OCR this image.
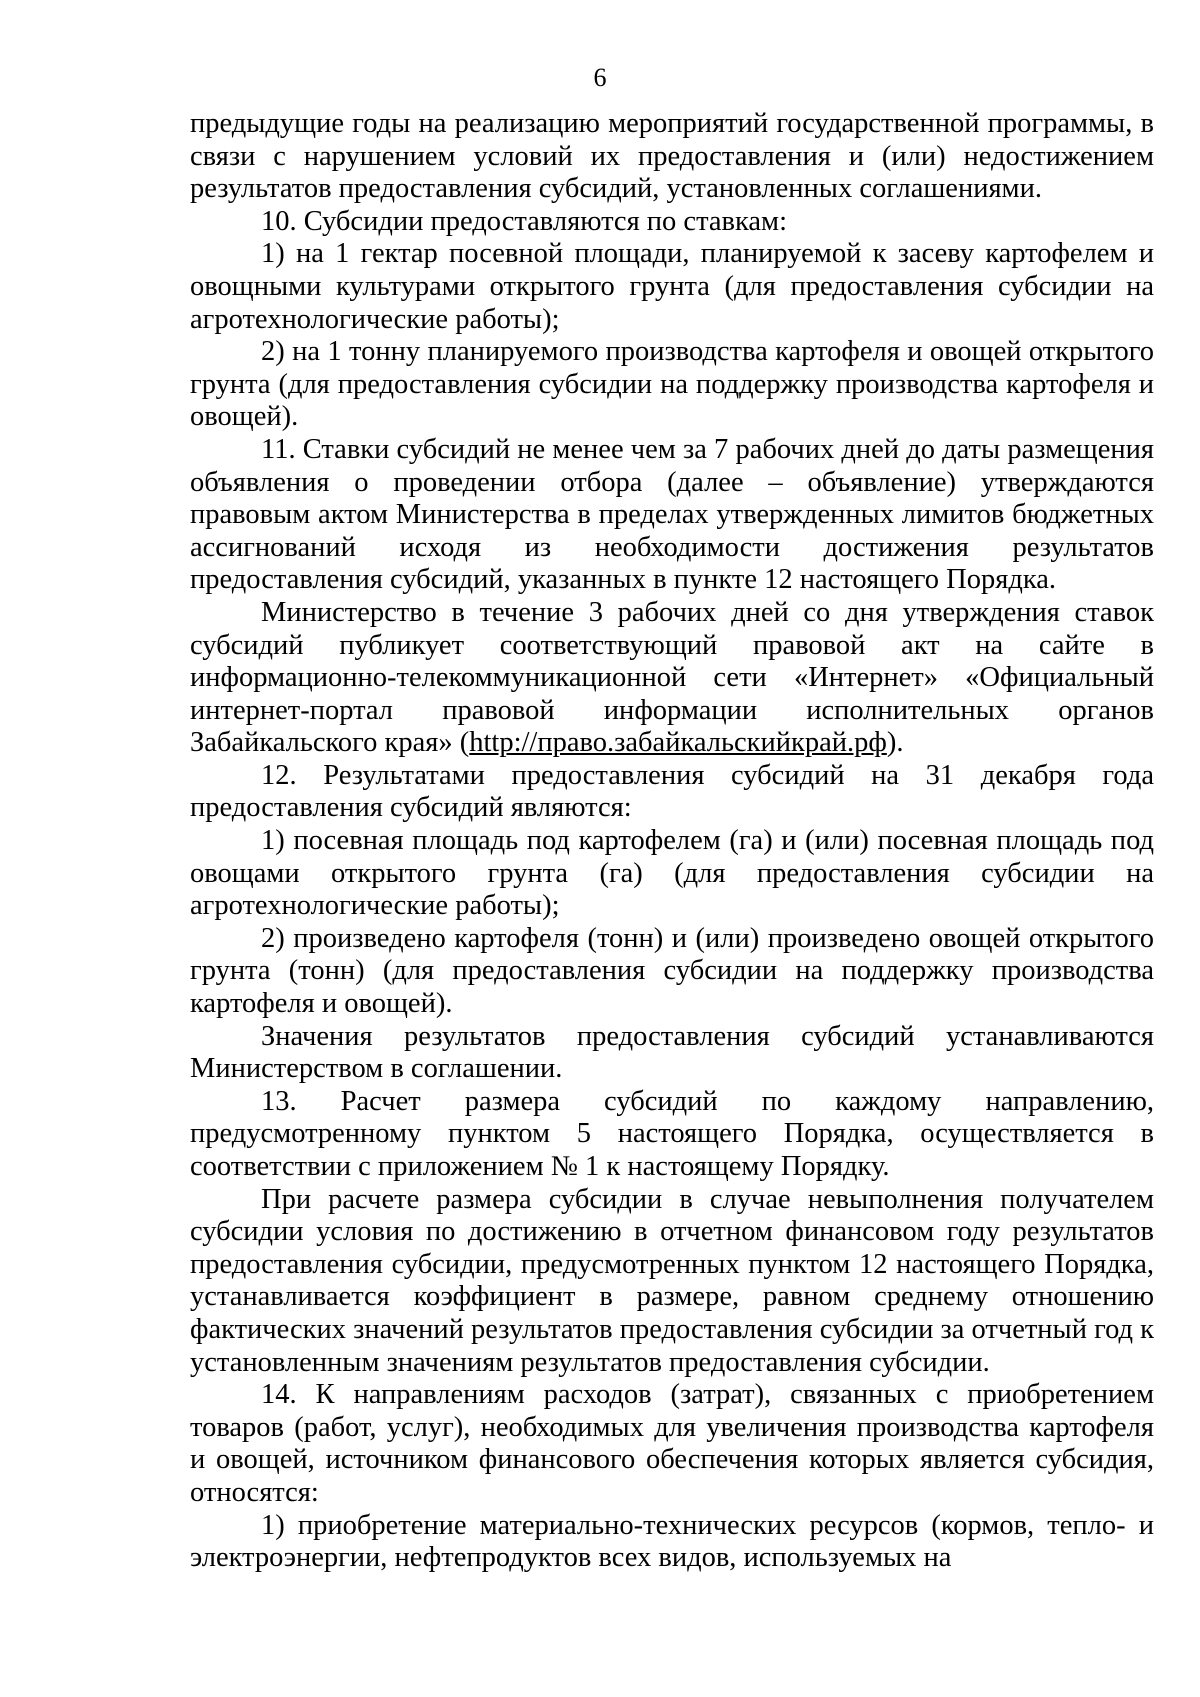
6

предыдущие годы на реализацию мероприятий государственной программы, в связи с нарушением условий их предоставления и (или) недостижением результатов предоставления субсидий, установленных соглашениями.

10. Субсидии предоставляются по ставкам:

1) на 1 гектар посевной площади, планируемой к засеву картофелем и овощными культурами открытого грунта (для предоставления субсидии на агротехнологические работы);

2) на 1 тонну планируемого производства картофеля и овощей открытого грунта (для предоставления субсидии на поддержку производства картофеля и овощей).

11. Ставки субсидий не менее чем за 7 рабочих дней до даты размещения объявления о проведении отбора (далее – объявление) утверждаются правовым актом Министерства в пределах утвержденных лимитов бюджетных ассигнований исходя из необходимости достижения результатов предоставления субсидий, указанных в пункте 12 настоящего Порядка.

Министерство в течение 3 рабочих дней со дня утверждения ставок субсидий публикует соответствующий правовой акт на сайте в информационно-телекоммуникационной сети «Интернет» «Официальный интернет-портал правовой информации исполнительных органов Забайкальского края» (http://право.забайкальскийкрай.рф).

12. Результатами предоставления субсидий на 31 декабря года предоставления субсидий являются:

1) посевная площадь под картофелем (га) и (или) посевная площадь под овощами открытого грунта (га) (для предоставления субсидии на агротехнологические работы);

2) произведено картофеля (тонн) и (или) произведено овощей открытого грунта (тонн) (для предоставления субсидии на поддержку производства картофеля и овощей).

Значения результатов предоставления субсидий устанавливаются Министерством в соглашении.

13. Расчет размера субсидий по каждому направлению, предусмотренному пунктом 5 настоящего Порядка, осуществляется в соответствии с приложением № 1 к настоящему Порядку.

При расчете размера субсидии в случае невыполнения получателем субсидии условия по достижению в отчетном финансовом году результатов предоставления субсидии, предусмотренных пунктом 12 настоящего Порядка, устанавливается коэффициент в размере, равном среднему отношению фактических значений результатов предоставления субсидии за отчетный год к установленным значениям результатов предоставления субсидии.

14. К направлениям расходов (затрат), связанных с приобретением товаров (работ, услуг), необходимых для увеличения производства картофеля и овощей, источником финансового обеспечения которых является субсидия, относятся:

1) приобретение материально-технических ресурсов (кормов, тепло- и электроэнергии, нефтепродуктов всех видов, используемых на
